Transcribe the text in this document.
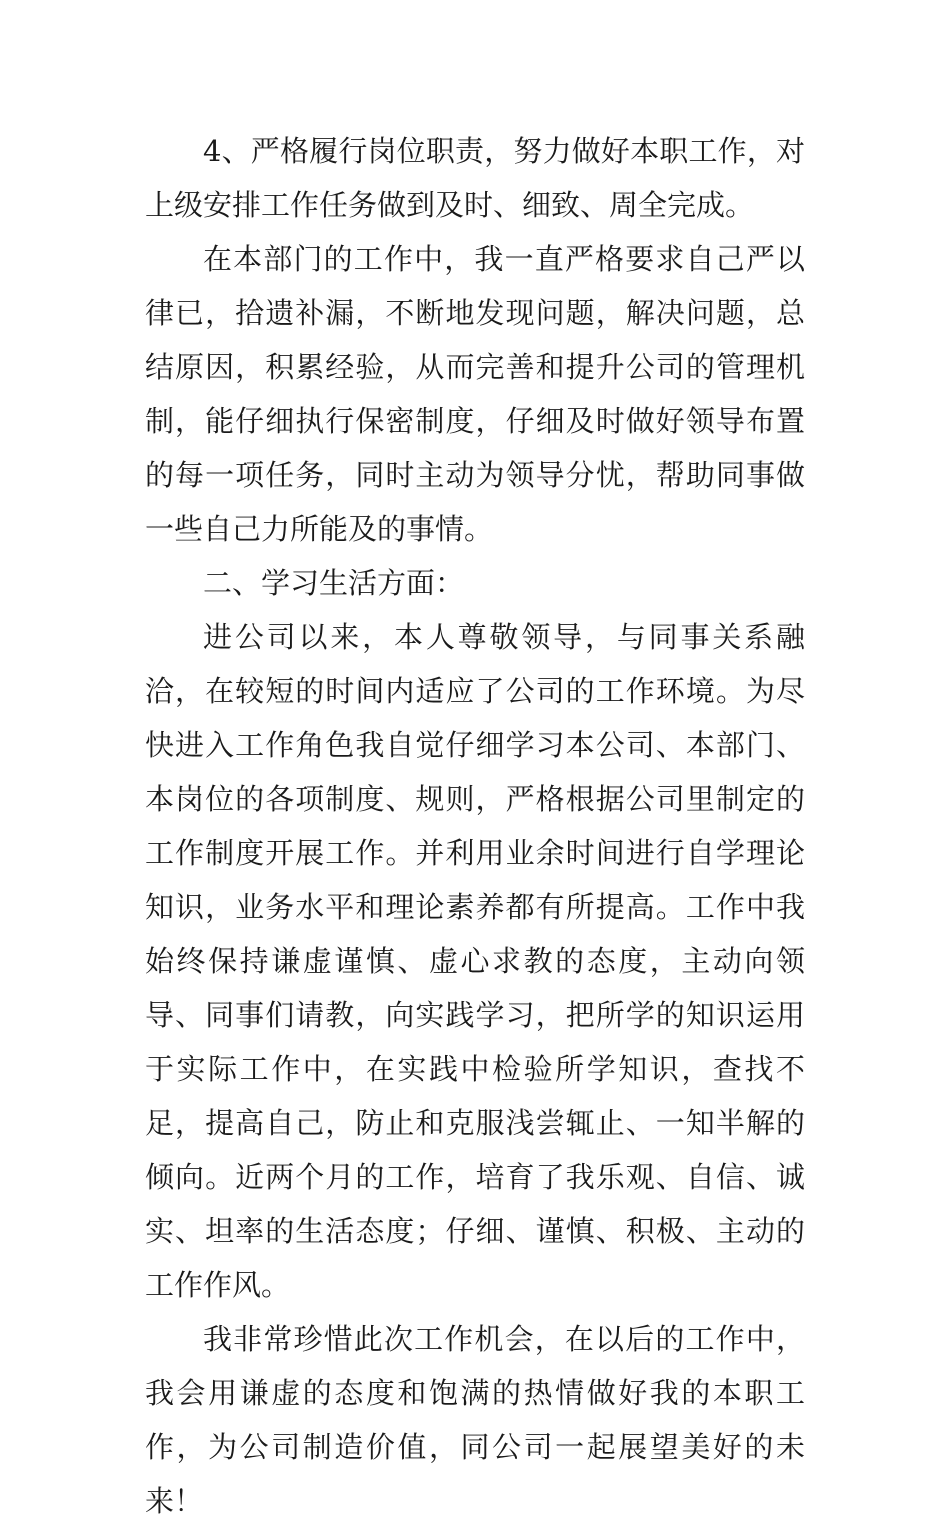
4、严格履行岗位职责，努力做好本职工作，对上级安排工作任务做到及时、细致、周全完成。

在本部门的工作中，我一直严格要求自己严以律已，拾遗补漏，不断地发现问题，解决问题，总结原因，积累经验，从而完善和提升公司的管理机制，能仔细执行保密制度，仔细及时做好领导布置的每一项任务，同时主动为领导分忧，帮助同事做一些自己力所能及的事情。

二、学习生活方面：

进公司以来，本人尊敬领导，与同事关系融洽，在较短的时间内适应了公司的工作环境。为尽快进入工作角色我自觉仔细学习本公司、本部门、本岗位的各项制度、规则，严格根据公司里制定的工作制度开展工作。并利用业余时间进行自学理论知识，业务水平和理论素养都有所提高。工作中我始终保持谦虚谨慎、虚心求教的态度，主动向领导、同事们请教，向实践学习，把所学的知识运用于实际工作中，在实践中检验所学知识，查找不足，提高自己，防止和克服浅尝辄止、一知半解的倾向。近两个月的工作，培育了我乐观、自信、诚实、坦率的生活态度；仔细、谨慎、积极、主动的工作作风。

我非常珍惜此次工作机会，在以后的工作中，我会用谦虚的态度和饱满的热情做好我的本职工作，为公司制造价值，同公司一起展望美好的未来！
